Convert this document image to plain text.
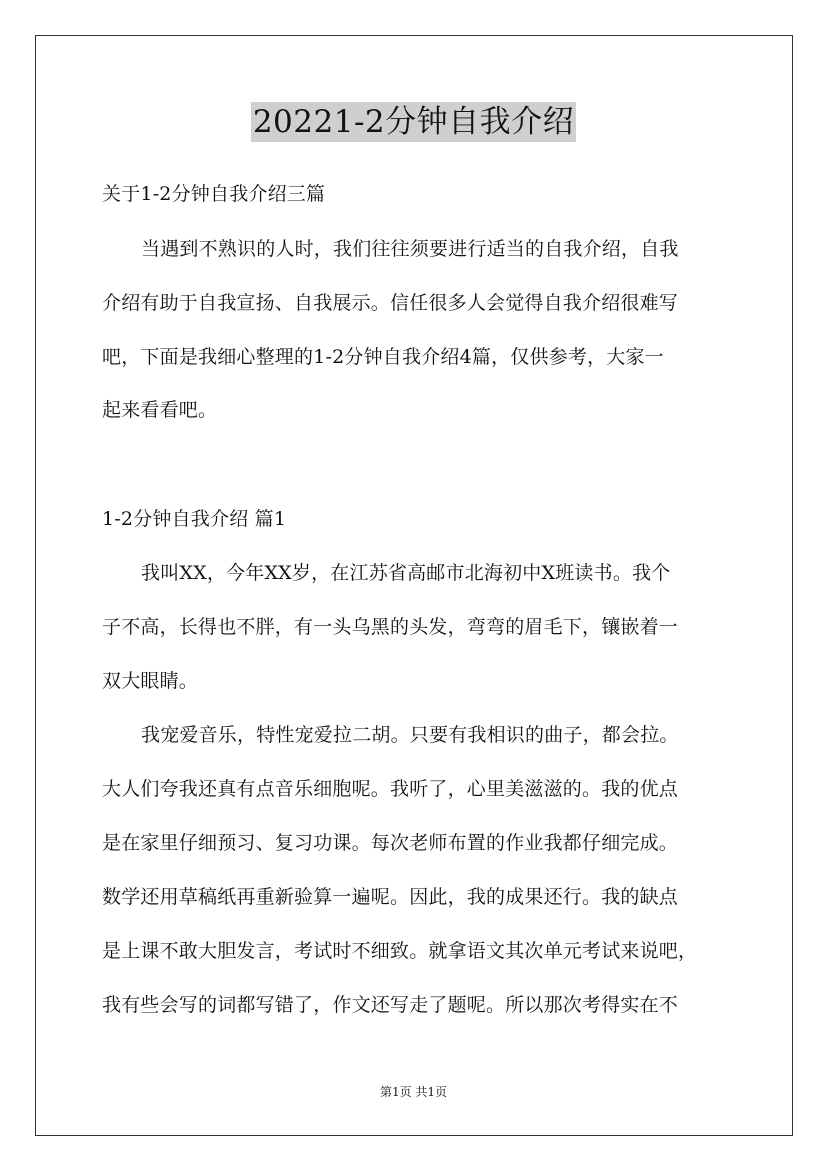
20221-2分钟自我介绍
关于1-2分钟自我介绍三篇
当遇到不熟识的人时，我们往往须要进行适当的自我介绍，自我
介绍有助于自我宣扬、自我展示。信任很多人会觉得自我介绍很难写
吧，下面是我细心整理的1-2分钟自我介绍4篇，仅供参考，大家一
起来看看吧。
1-2分钟自我介绍 篇1
我叫XX，今年XX岁，在江苏省高邮市北海初中X班读书。我个
子不高，长得也不胖，有一头乌黑的头发，弯弯的眉毛下，镶嵌着一
双大眼睛。
我宠爱音乐，特性宠爱拉二胡。只要有我相识的曲子，都会拉。
大人们夸我还真有点音乐细胞呢。我听了，心里美滋滋的。我的优点
是在家里仔细预习、复习功课。每次老师布置的作业我都仔细完成。
数学还用草稿纸再重新验算一遍呢。因此，我的成果还行。我的缺点
是上课不敢大胆发言，考试时不细致。就拿语文其次单元考试来说吧，
我有些会写的词都写错了，作文还写走了题呢。所以那次考得实在不
第1页 共1页
